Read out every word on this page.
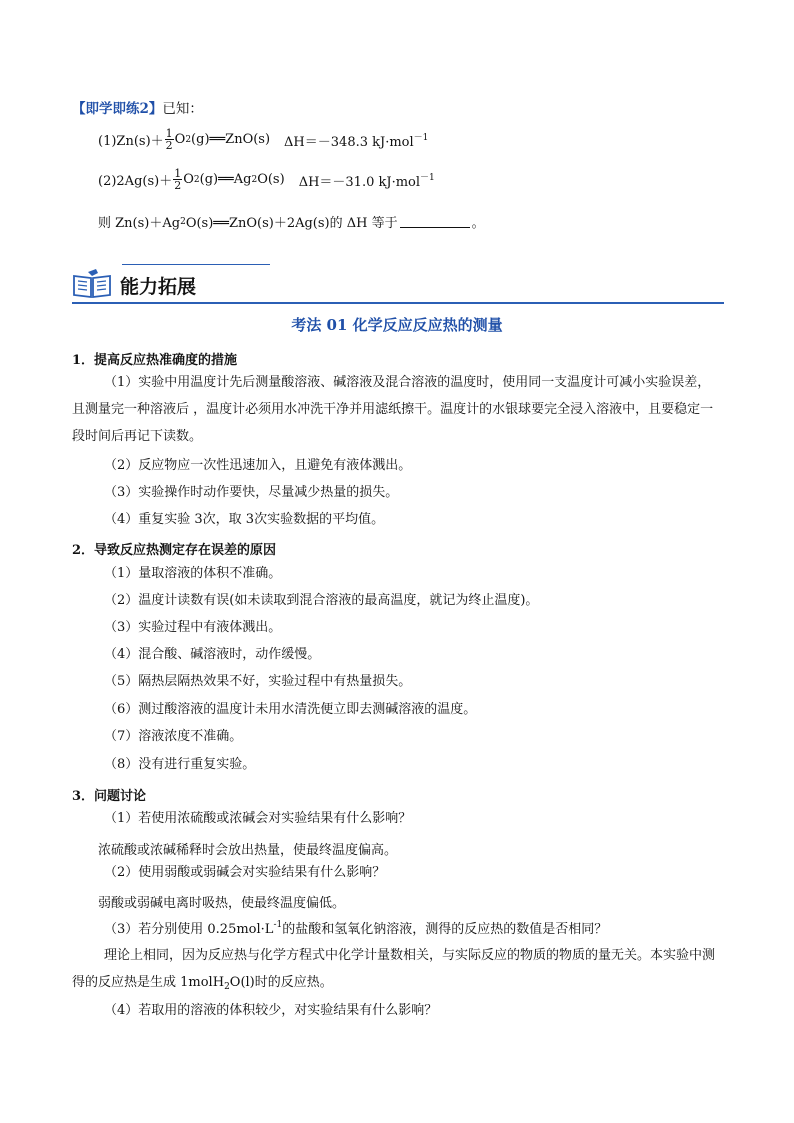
【即学即练2】已知：
$(1)Zn(s)+ \frac{1}{2}$ O 2 (g)══ZnO(s) ΔH＝－348.3 kJ·mol$^{-1}$
$(2)2Ag(s)+ \frac{1}{2}$ O 2 (g)══Ag 2 O(s) ΔH＝－31.0 kJ·mol$^{-1}$
则 Zn(s)＋Ag 2 O(s)══ZnO(s)＋2Ag(s)的 ΔH 等于	。
能力拓展
考法 01 化学反应反应热的测量
1．提高反应热准确度的措施
（1）实验中用温度计先后测量酸溶液、碱溶液及混合溶液的温度时，使用同一支温度计可减小实验误差，且测量完一种溶液后 ，温度计必须用水冲洗干净并用滤纸擦干。温度计的水银球要完全浸入溶液中，且要稳定一段时间后再记下读数。
（2）反应物应一次性迅速加入，且避免有液体溅出。
（3）实验操作时动作要快，尽量减少热量的损失。
（4）重复实验 3次，取 3次实验数据的平均值。
2．导致反应热测定存在误差的原因
（1）量取溶液的体积不准确。
（2）温度计读数有误(如未读取到混合溶液的最高温度，就记为终止温度)。
（3）实验过程中有液体溅出。
（4）混合酸、碱溶液时，动作缓慢。
（5）隔热层隔热效果不好，实验过程中有热量损失。
（6）测过酸溶液的温度计未用水清洗便立即去测碱溶液的温度。
（7）溶液浓度不准确。
（8）没有进行重复实验。
3．问题讨论
（1）若使用浓硫酸或浓碱会对实验结果有什么影响？
浓硫酸或浓碱稀释时会放出热量，使最终温度偏高。
（2）使用弱酸或弱碱会对实验结果有什么影响？
弱酸或弱碱电离时吸热，使最终温度偏低。
（3）若分别使用 $0.25mol\cdot L^{-1}$的盐酸和氢氧化钠溶液，测得的反应热的数值是否相同？
理论上相同，因为反应热与化学方程式中化学计量数相关，与实际反应的物质的物质的量无关。本实验中测得的反应热是生成 1molH$_2$O(l)时的反应热。
（4）若取用的溶液的体积较少，对实验结果有什么影响？
